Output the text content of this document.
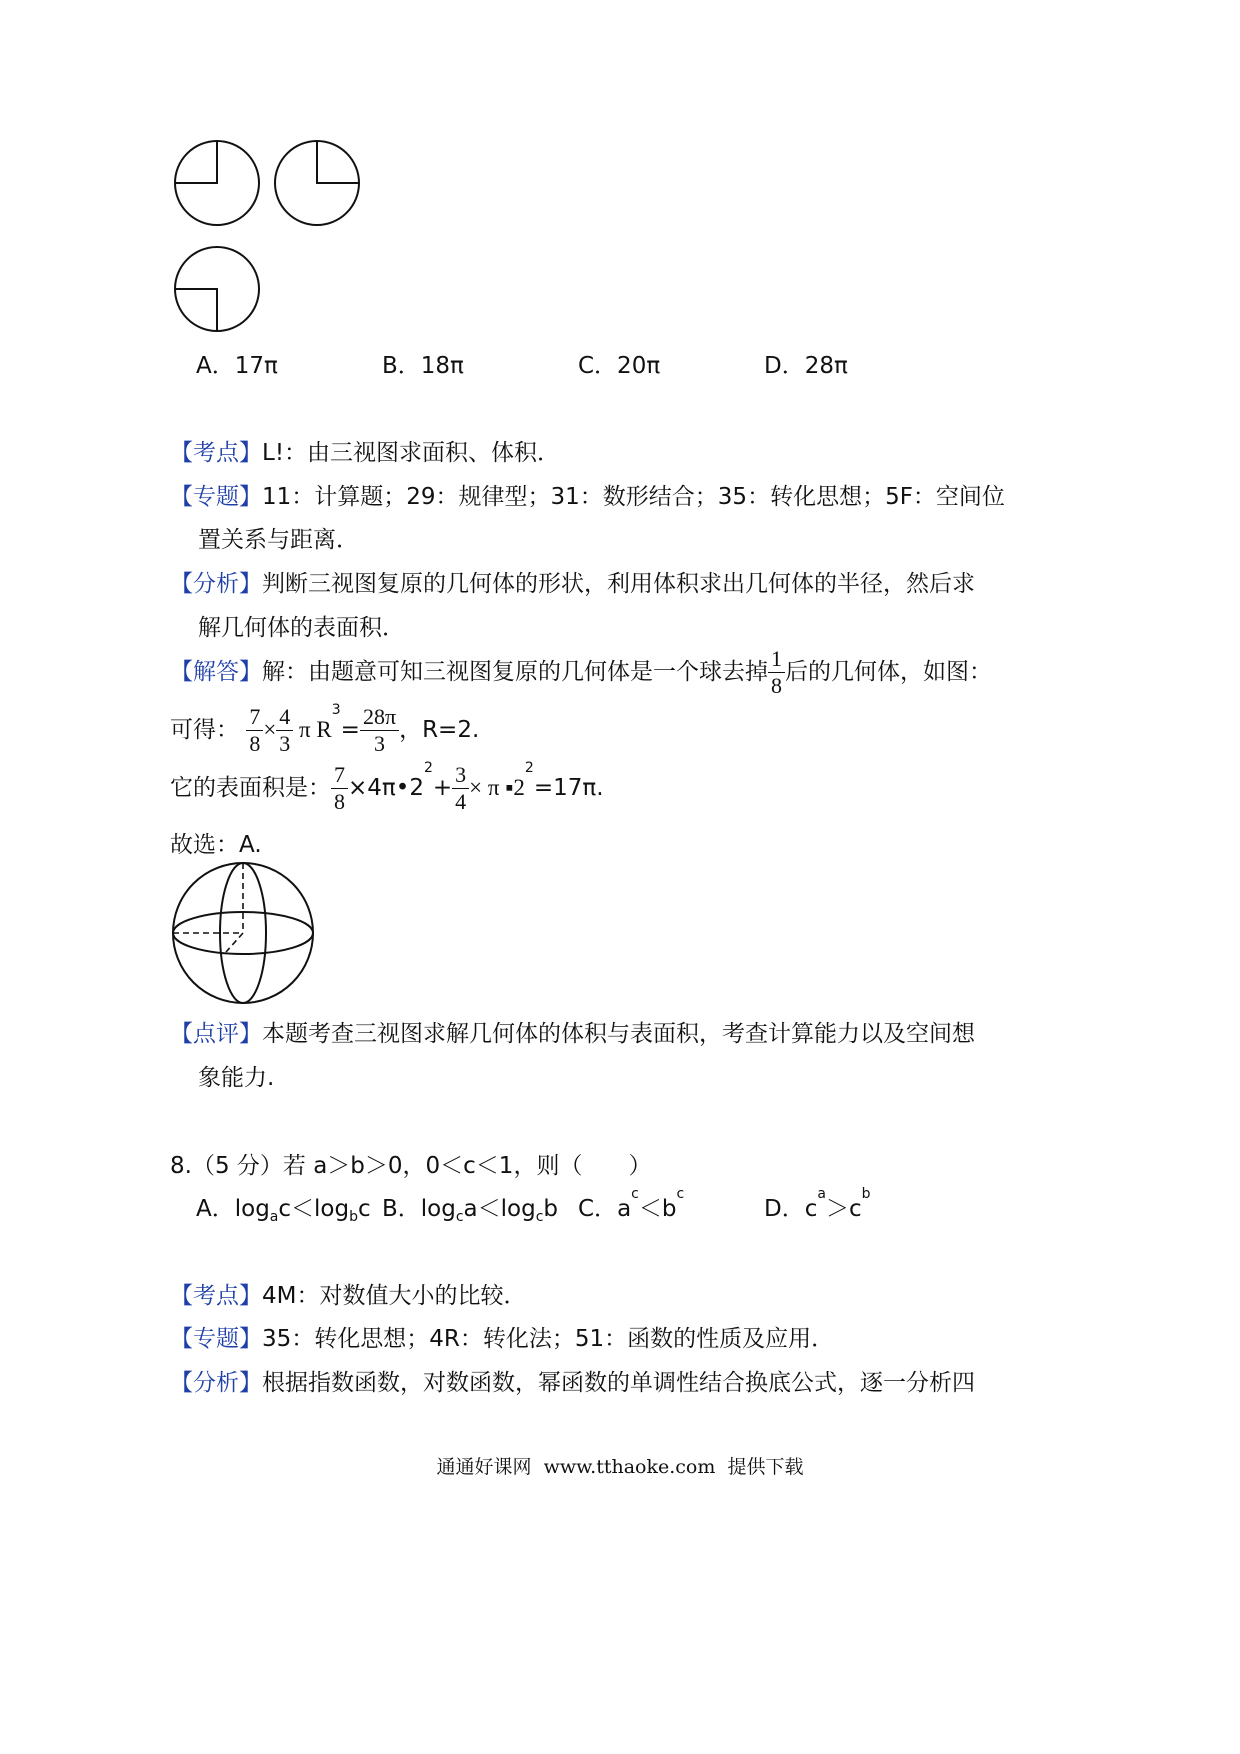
A．17π	B．18π	C．20π	D．28π
【考点】L!：由三视图求面积、体积．
【专题】11：计算题；29：规律型；31：数形结合；35：转化思想；5F：空间位
置关系与距离．
【分析】判断三视图复原的几何体的形状，利用体积求出几何体的半径，然后求
解几何体的表面积．
【解答】解：由题意可知三视图复原的几何体是一个球去掉 $\frac{1}{8}$ 后的几何体，如图：
可得： $\frac{7}{8} \times \frac{4}{3}$ π $R^3= \frac{28\pi}{3}$ ，R=2.
它的表面积是： $\frac{7}{8}$ $\times 4\pi•2^2+ \frac{3}{4} \times \pi$ $▪2^2=17\pi$.
故选：A.
【点评】本题考查三视图求解几何体的体积与表面积，考查计算能力以及空间想
象能力.
8.（5 分）若 a＞b＞0，0＜c＜1，则（　　）
A．$\log_ac<\log_bc$ B．$\log_ca<\log_cb$ C．$a^c<b^c$
D．$c^a>c^b$
【考点】4M：对数值大小的比较．
【专题】35：转化思想；4R：转化法；51：函数的性质及应用．
【分析】根据指数函数，对数函数，幂函数的单调性结合换底公式，逐一分析四
通通好课网  www.tthaoke.com  提供下载
